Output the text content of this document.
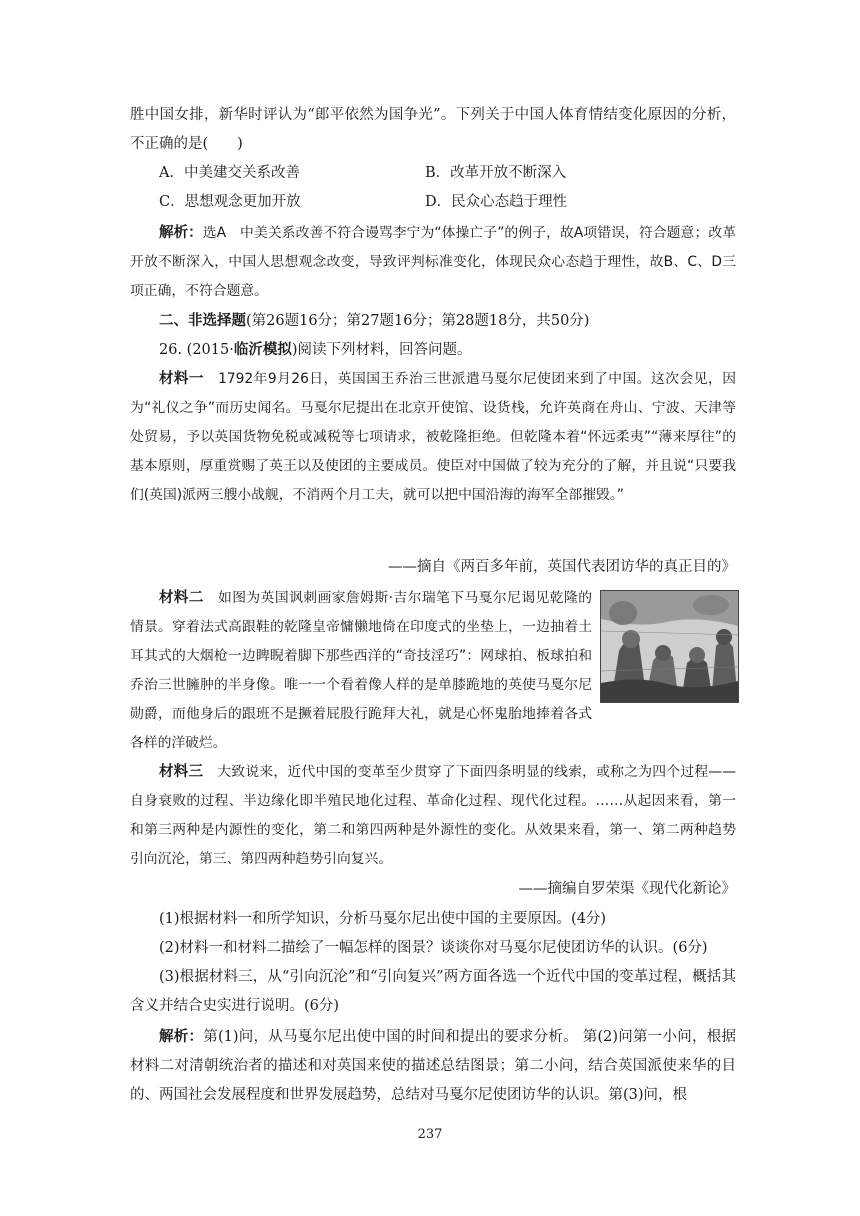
胜中国女排，新华时评认为“郎平依然为国争光”。下列关于中国人体育情结变化原因的分析，不正确的是(　　)

A．中美建交关系改善	B．改革开放不断深入
C．思想观念更加开放	D．民众心态趋于理性

解析：选A　中美关系改善不符合谩骂李宁为“体操亡子”的例子，故A项错误，符合题意；改革开放不断深入，中国人思想观念改变，导致评判标准变化，体现民众心态趋于理性，故B、C、D三项正确，不符合题意。

二、非选择题(第26题16分；第27题16分；第28题18分，共50分)

26. (2015·临沂模拟)阅读下列材料，回答问题。

材料一　1792年9月26日，英国国王乔治三世派遣马戛尔尼使团来到了中国。这次会见，因为“礼仪之争”而历史闻名。马戛尔尼提出在北京开使馆、设货栈，允许英商在舟山、宁波、天津等处贸易，予以英国货物免税或减税等七项请求，被乾隆拒绝。但乾隆本着“怀远柔夷”“薄来厚往”的基本原则，厚重赏赐了英王以及使团的主要成员。使臣对中国做了较为充分的了解，并且说“只要我们(英国)派两三艘小战舰，不消两个月工夫，就可以把中国沿海的海军全部摧毁。”

——摘自《两百多年前，英国代表团访华的真正目的》

材料二　如图为英国讽刺画家詹姆斯·吉尔瑞笔下马戛尔尼谒见乾隆的情景。穿着法式高跟鞋的乾隆皇帝慵懒地倚在印度式的坐垫上，一边抽着土耳其式的大烟枪一边睥睨着脚下那些西洋的“奇技淫巧”：网球拍、板球拍和乔治三世臃肿的半身像。唯一一个看着像人样的是单膝跪地的英使马戛尔尼勋爵，而他身后的跟班不是撅着屁股行跪拜大礼，就是心怀鬼胎地捧着各式各样的洋破烂。

材料三　大致说来，近代中国的变革至少贯穿了下面四条明显的线索，或称之为四个过程——自身衰败的过程、半边缘化即半殖民地化过程、革命化过程、现代化过程。……从起因来看，第一和第三两种是内源性的变化，第二和第四两种是外源性的变化。从效果来看，第一、第二两种趋势引向沉沦，第三、第四两种趋势引向复兴。

——摘编自罗荣渠《现代化新论》

(1)根据材料一和所学知识，分析马戛尔尼出使中国的主要原因。(4分)

(2)材料一和材料二描绘了一幅怎样的图景？谈谈你对马戛尔尼使团访华的认识。(6分)

(3)根据材料三，从“引向沉沦”和“引向复兴”两方面各选一个近代中国的变革过程，概括其含义并结合史实进行说明。(6分)

解析：第(1)问，从马戛尔尼出使中国的时间和提出的要求分析。 第(2)问第一小问，根据材料二对清朝统治者的描述和对英国来使的描述总结图景；第二小问，结合英国派使来华的目的、两国社会发展程度和世界发展趋势，总结对马戛尔尼使团访华的认识。第(3)问，根

237
